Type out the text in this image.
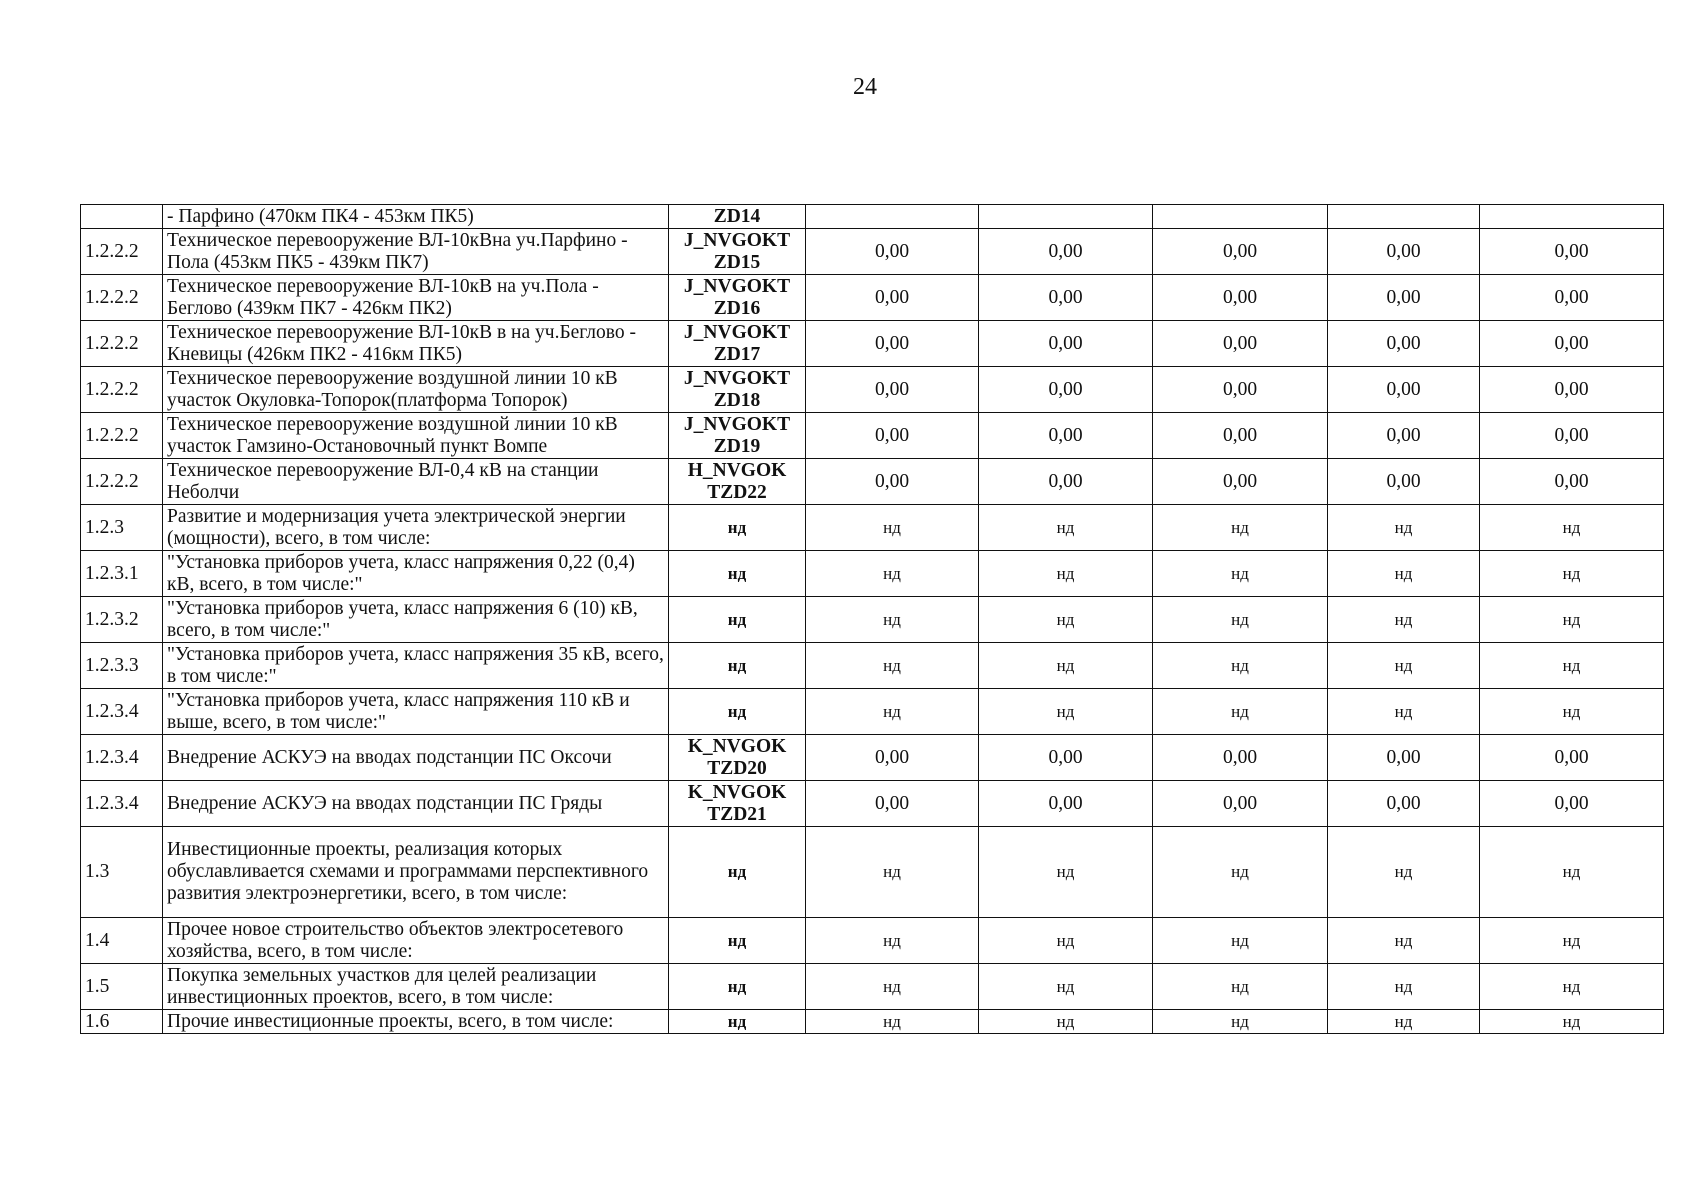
24
	- Парфино (470км ПК4 - 453км ПК5)	ZD14					
1.2.2.2	Техническое перевооружение ВЛ-10кВна уч.Парфино - Пола (453км ПК5 - 439км ПК7)	J_NVGOKT ZD15	0,00	0,00	0,00	0,00	0,00
1.2.2.2	Техническое перевооружение ВЛ-10кВ на уч.Пола - Беглово (439км ПК7 - 426км ПК2)	J_NVGOKT ZD16	0,00	0,00	0,00	0,00	0,00
1.2.2.2	Техническое перевооружение ВЛ-10кВ в на уч.Беглово - Кневицы (426км ПК2 - 416км ПК5)	J_NVGOKT ZD17	0,00	0,00	0,00	0,00	0,00
1.2.2.2	Техническое перевооружение воздушной линии 10 кВ участок Окуловка-Топорок(платформа Топорок)	J_NVGOKT ZD18	0,00	0,00	0,00	0,00	0,00
1.2.2.2	Техническое перевооружение воздушной линии 10 кВ участок Гамзино-Остановочный пункт Вомпе	J_NVGOKT ZD19	0,00	0,00	0,00	0,00	0,00
1.2.2.2	Техническое перевооружение ВЛ-0,4 кВ на станции Неболчи	H_NVGOK TZD22	0,00	0,00	0,00	0,00	0,00
1.2.3	Развитие и модернизация учета электрической энергии (мощности), всего, в том числе:	нд	нд	нд	нд	нд	нд
1.2.3.1	"Установка приборов учета, класс напряжения 0,22 (0,4) кВ, всего, в том числе:"	нд	нд	нд	нд	нд	нд
1.2.3.2	"Установка приборов учета, класс напряжения 6 (10) кВ, всего, в том числе:"	нд	нд	нд	нд	нд	нд
1.2.3.3	"Установка приборов учета, класс напряжения 35 кВ, всего, в том числе:"	нд	нд	нд	нд	нд	нд
1.2.3.4	"Установка приборов учета, класс напряжения 110 кВ и выше, всего, в том числе:"	нд	нд	нд	нд	нд	нд
1.2.3.4	Внедрение АСКУЭ на вводах подстанции ПС Оксочи	K_NVGOK TZD20	0,00	0,00	0,00	0,00	0,00
1.2.3.4	Внедрение АСКУЭ на вводах подстанции ПС Гряды	K_NVGOK TZD21	0,00	0,00	0,00	0,00	0,00
1.3	Инвестиционные проекты, реализация которых обуславливается схемами и программами перспективного развития электроэнергетики, всего, в том числе:	нд	нд	нд	нд	нд	нд
1.4	Прочее новое строительство объектов электросетевого хозяйства, всего, в том числе:	нд	нд	нд	нд	нд	нд
1.5	Покупка земельных участков для целей реализации инвестиционных проектов, всего, в том числе:	нд	нд	нд	нд	нд	нд
1.6	Прочие инвестиционные проекты, всего, в том числе:	нд	нд	нд	нд	нд	нд
